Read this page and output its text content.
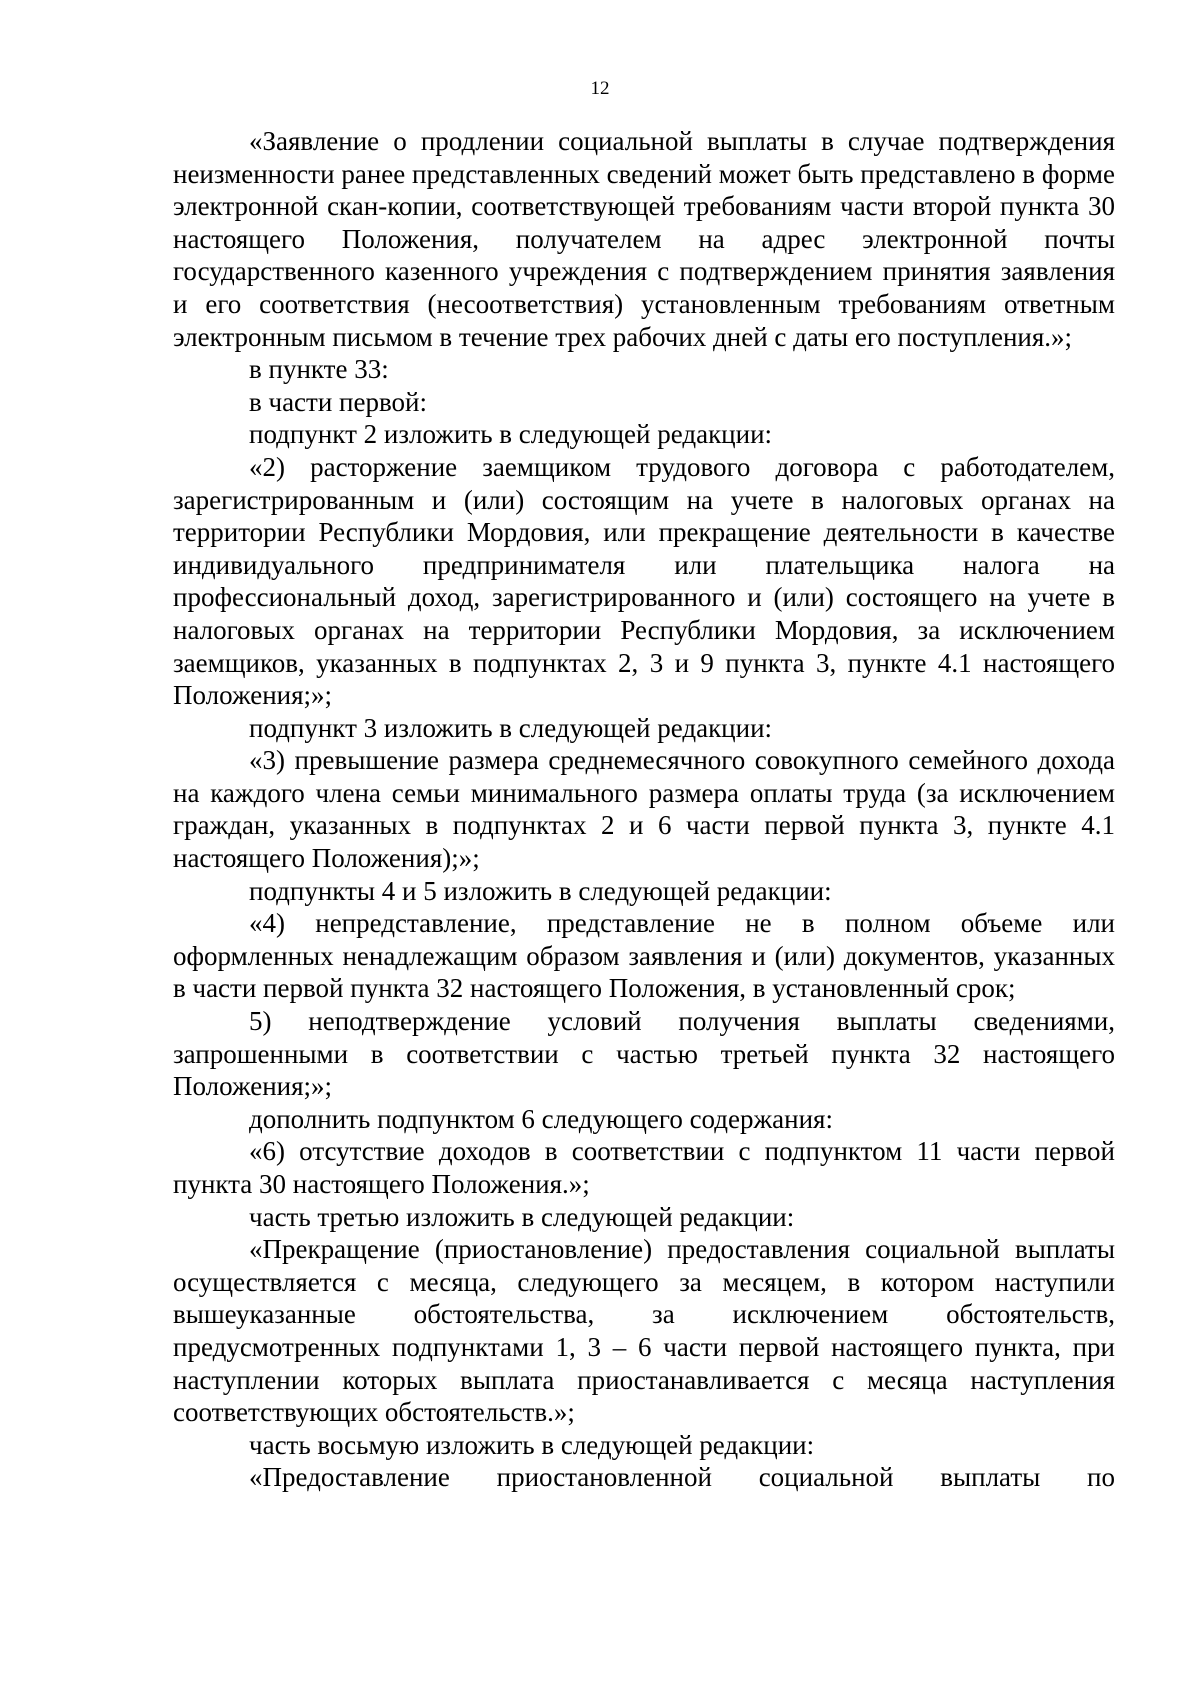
12

«Заявление о продлении социальной выплаты в случае подтверждения неизменности ранее представленных сведений может быть представлено в форме электронной скан-копии, соответствующей требованиям части второй пункта 30 настоящего Положения, получателем на адрес электронной почты государственного казенного учреждения с подтверждением принятия заявления и его соответствия (несоответствия) установленным требованиям ответным электронным письмом в течение трех рабочих дней с даты его поступления.»;

в пункте 33:

в части первой:

подпункт 2 изложить в следующей редакции:

«2) расторжение заемщиком трудового договора с работодателем, зарегистрированным и (или) состоящим на учете в налоговых органах на территории Республики Мордовия, или прекращение деятельности в качестве индивидуального предпринимателя или плательщика налога на профессиональный доход, зарегистрированного и (или) состоящего на учете в налоговых органах на территории Республики Мордовия, за исключением заемщиков, указанных в подпунктах 2, 3 и 9 пункта 3, пункте 4.1 настоящего Положения;»;

подпункт 3 изложить в следующей редакции:

«3) превышение размера среднемесячного совокупного семейного дохода на каждого члена семьи минимального размера оплаты труда (за исключением граждан, указанных в подпунктах 2 и 6 части первой пункта 3, пункте 4.1 настоящего Положения);»;

подпункты 4 и 5 изложить в следующей редакции:

«4) непредставление, представление не в полном объеме или оформленных ненадлежащим образом заявления и (или) документов, указанных в части первой пункта 32 настоящего Положения, в установленный срок;

5) неподтверждение условий получения выплаты сведениями, запрошенными в соответствии с частью третьей пункта 32 настоящего Положения;»;

дополнить подпунктом 6 следующего содержания:

«6) отсутствие доходов в соответствии с подпунктом 11 части первой пункта 30 настоящего Положения.»;

часть третью изложить в следующей редакции:

«Прекращение (приостановление) предоставления социальной выплаты осуществляется с месяца, следующего за месяцем, в котором наступили вышеуказанные обстоятельства, за исключением обстоятельств, предусмотренных подпунктами 1, 3 – 6 части первой настоящего пункта, при наступлении которых выплата приостанавливается с месяца наступления соответствующих обстоятельств.»;

часть восьмую изложить в следующей редакции:

«Предоставление приостановленной социальной выплаты по
